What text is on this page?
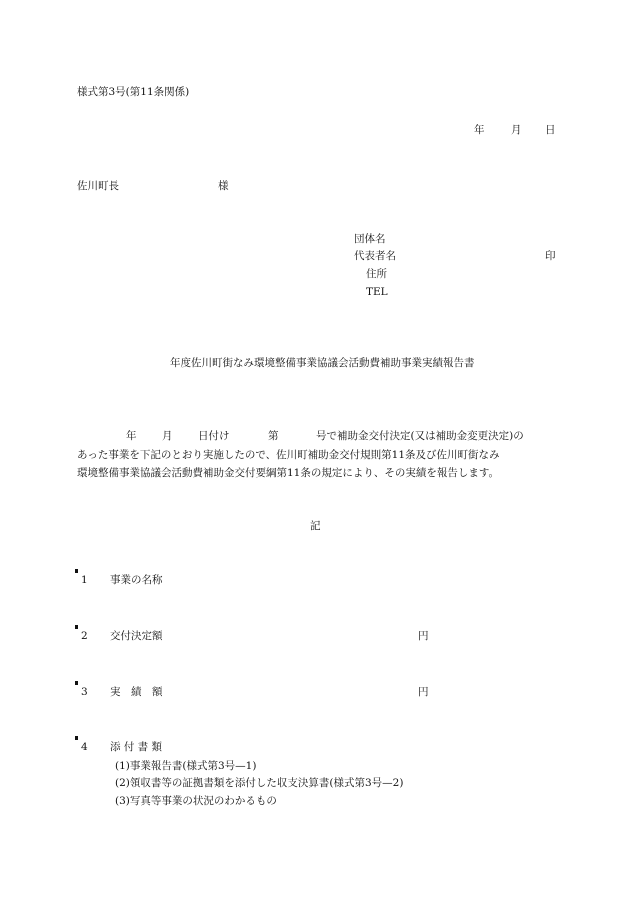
様式第3号(第11条関係)
年	月 日
佐川町長	様
団体名
代表者名	印
住所
TEL
年度佐川町街なみ環境整備事業協議会活動費補助事業実績報告書
年 月 日付け	第	号で補助金交付決定(又は補助金変更決定)の
あった事業を下記のとおり実施したので、佐川町補助金交付規則第11条及び佐川町街なみ
環境整備事業協議会活動費補助金交付要綱第11条の規定により、その実績を報告します。
記
1 事業の名称
2 交付決定額	円
3 実　績　額	円
4 添 付 書 類
(1)事業報告書(様式第3号—1)
(2)領収書等の証拠書類を添付した収支決算書(様式第3号—2)
(3)写真等事業の状況のわかるもの
